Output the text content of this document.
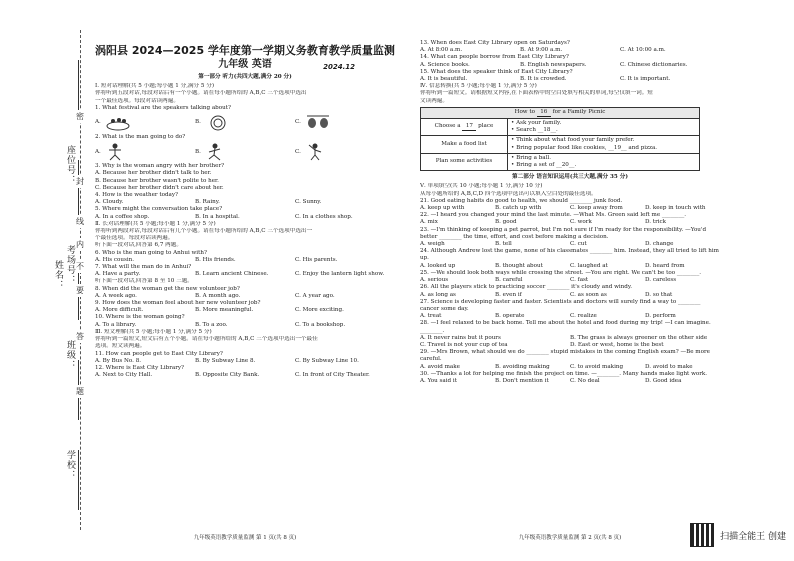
座位号：
考场号：
姓名：
班级：
学校：
密
封
线
内
不
要
答
题
涡阳县 2024—2025 学年度第一学期义务教育教学质量监测
九年级 英语	2024.12
第一部分 听力(共四大题,满分 20 分)
Ⅰ. 短对话理解(共 5 小题;每小题 1 分,满分 5 分)
你将听到五段对话,每段对话后有一个小题。请在每小题所给的 A,B,C 三个选项中选出
一个最佳选项。每段对话读两遍。
1. What festival are the speakers talking about?
A.	B.	C.
2. What is the man going to do?
A.	B.	C.
3. Why is the woman angry with her brother?
A. Because her brother didn't talk to her.
B. Because her brother wasn't polite to her.
C. Because her brother didn't care about her.
4. How is the weather today?
A. Cloudy.	B. Rainy.	C. Sunny.
5. Where might the conversation take place?
A. In a coffee shop.	B. In a hospital.	C. In a clothes shop.
Ⅱ. 长对话理解(共 5 小题;每小题 1 分,满分 5 分)
你将听到两段对话,每段对话后有几个小题。请在每小题所给的 A,B,C 三个选项中选出一
个最佳选项。每段对话读两遍。
听下面一段对话,回答第 6,7 两题。
6. Who is the man going to Anhui with?
A. His cousin.	B. His friends.	C. His parents.
7. What will the man do in Anhui?
A. Have a party.	B. Learn ancient Chinese.	C. Enjoy the lantern light show.
听下面一段对话,回答第 8 至 10 三题。
8. When did the woman get the new volunteer job?
A. A week ago.	B. A month ago.	C. A year ago.
9. How does the woman feel about her new volunteer job?
A. More difficult.	B. More meaningful.	C. More exciting.
10. Where is the woman going?
A. To a library.	B. To a zoo.	C. To a bookshop.
Ⅲ. 短文理解(共 5 小题;每小题 1 分,满分 5 分)
你将听到一篇短文,短文后有五个小题。请在每小题所给的 A,B,C 三个选项中选出一个最佳
选项。短文读两遍。
11. How can people get to East City Library?
A. By Bus No. 8.	B. By Subway Line 8.	C. By Subway Line 10.
12. Where is East City Library?
A. Next to City Hall.	B. Opposite City Bank.	C. In front of City Theater.
九年级英语教学质量监测 第 1 页(共 8 页)
13. When does East City Library open on Saturdays?
A. At 8:00 a.m.	B. At 9:00 a.m.	C. At 10:00 a.m.
14. What can people borrow from East City Library?
A. Science books.	B. English newspapers.	C. Chinese dictionaries.
15. What does the speaker think of East City Library?
A. It is beautiful.	B. It is crowded.	C. It is important.
Ⅳ. 信息转换(共 5 小题;每小题 1 分,满分 5 分)
你将听到一篇短文。请根据短文内容,在下面表格中的空白处填写相关的单词,每空仅填一词。短
文读两遍。
How to 16 for a Family Picnic	
Choose a 17 place	• Ask your family.
• Search __18__.

Make a food list	• Think about what food your family prefer.
• Bring popular food like cookies, __19__ and pizza.

Plan some activities	• Bring a ball.
• Bring a set of __20__.
第二部分 语言知识运用(共三大题,满分 35 分)
Ⅴ. 单项填空(共 10 小题;每小题 1 分,满分 10 分)
从每小题所给的 A,B,C,D 四个选项中选出可以填入空白处的最佳选项。
21. Good eating habits do good to health, we should ________ junk food.
A. keep up with	B. catch up with	C. keep away from	D. keep in touch with
22. —I heard you changed your mind the last minute. —What Ms. Green said left me ________.
A. mix	B. good	C. work	D. trick
23. —I'm thinking of keeping a pet parrot, but I'm not sure if I'm ready for the responsibility. —You'd better ________ the time, effort, and cost before making a decision.
A. weigh	B. tell	C. cut	D. change
24. Although Andrew lost the game, none of his classmates ________ him. Instead, they all tried to lift him up.
A. looked up	B. thought about	C. laughed at	D. heard from
25. —We should look both ways while crossing the street. —You are right. We can't be too ________.
A. serious	B. careful	C. fast	D. careless
26. All the players stick to practicing soccer ________ it's cloudy and windy.
A. as long as	B. even if	C. as soon as	D. so that
27. Science is developing faster and faster. Scientists and doctors will surely find a way to ________ cancer some day.
A. treat	B. operate	C. realize	D. perform
28. —I feel relaxed to be back home. Tell me about the hotel and food during my trip! —I can imagine. ________.
A. It never rains but it pours	B. The grass is always greener on the other side
C. Travel is not your cup of tea	D. East or west, home is the best
29. —Mrs Brown, what should we do ________ stupid mistakes in the coming English exam? —Be more careful.
A. avoid make	B. avoiding making	C. to avoid making	D. avoid to make
30. —Thanks a lot for helping me finish the project on time. —________. Many hands make light work.
A. You said it	B. Don't mention it	C. No deal	D. Good idea
九年级英语教学质量监测 第 2 页(共 8 页)	扫描全能王 创建
